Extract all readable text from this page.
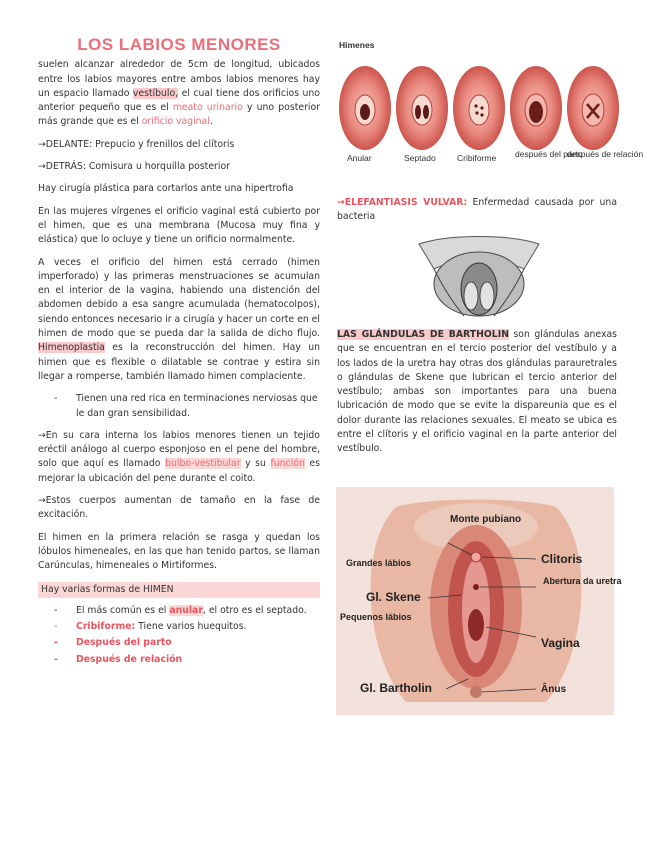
LOS LABIOS MENORES

suelen alcanzar alrededor de 5cm de longitud, ubicados entre los labios mayores entre ambos labios menores hay un espacio llamado vestíbulo, el cual tiene dos orificios uno anterior pequeño que es el meato urinario y uno posterior más grande que es el orificio vaginal.

→DELANTE: Prepucio y frenillos del clítoris

→DETRÁS: Comisura u horquilla posterior

Hay cirugía plástica para cortarlos ante una hipertrofia

En las mujeres vírgenes el orificio vaginal está cubierto por el himen, que es una membrana (Mucosa muy fina y elástica) que lo ocluye y tiene un orificio normalmente.

A veces el orificio del himen está cerrado (himen imperforado) y las primeras menstruaciones se acumulan en el interior de la vagina, habiendo una distención del abdomen debido a esa sangre acumulada (hematocolpos), siendo entonces necesario ir a cirugía y hacer un corte en el himen de modo que se pueda dar la salida de dicho flujo. Himenoplastia es la reconstrucción del himen. Hay un himen que es flexible o dilatable se contrae y estira sin llegar a romperse, también llamado himen complaciente.

- Tienen una red rica en terminaciones nerviosas que le dan gran sensibilidad.

→En su cara interna los labios menores tienen un tejido eréctil análogo al cuerpo esponjoso en el pene del hombre, solo que aquí es llamado bulbo-vestibular y su función es mejorar la ubicación del pene durante el coito.

→Estos cuerpos aumentan de tamaño en la fase de excitación.

El himen en la primera relación se rasga y quedan los lóbulos himeneales, en las que han tenido partos, se llaman Carúnculas, himeneales o Mirtiformes.

Hay varias formas de HIMEN
- El más común es el anular, el otro es el septado.
- Cribiforme: Tiene varios huequitos.
- Después del parto
- Después de relación
Himenes
Anular	Septado	Cribiforme después del parto
después de relación

→ELEFANTIASIS VULVAR: Enfermedad causada por una bacteria

LAS GLÁNDULAS DE BARTHOLIN son glándulas anexas que se encuentran en el tercio posterior del vestíbulo y a los lados de la uretra hay otras dos glándulas parauretrales o glándulas de Skene que lubrican el tercio anterior del vestíbulo; ambas son importantes para una buena lubricación de modo que se evite la dispareunia que es el dolor durante las relaciones sexuales. El meato se ubica es entre el clítoris y el orificio vaginal en la parte anterior del vestíbulo.

Monte pubiano
Clitoris
Grandes lábios
Abertura da uretra
Gl. Skene
Pequenos lábios
Vagina
Gl. Bartholin	Ânus
